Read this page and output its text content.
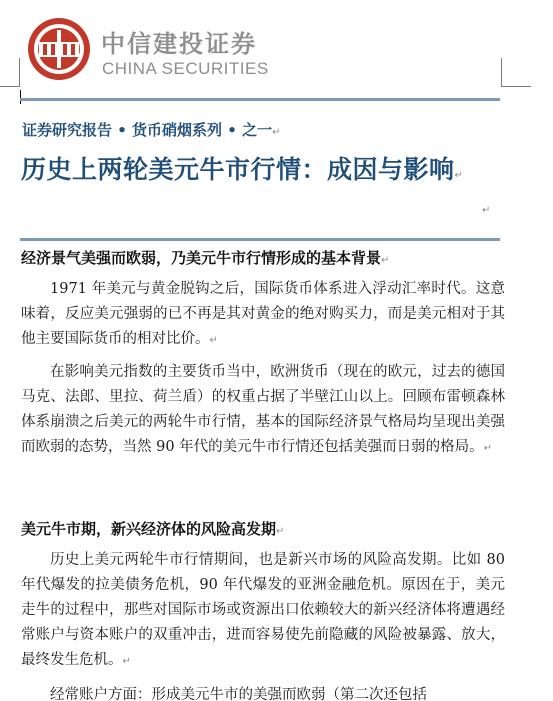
中信建投证券
CHINA SECURITIES
证券研究报告 • 货币硝烟系列 • 之一↵
历史上两轮美元牛市行情：成因与影响↵
↵
经济景气美强而欧弱，乃美元牛市行情形成的基本背景↵
1971 年美元与黄金脱钩之后，国际货币体系进入浮动汇率时代。这意味着，反应美元强弱的已不再是其对黄金的绝对购买力，而是美元相对于其他主要国际货币的相对比价。↵
在影响美元指数的主要货币当中，欧洲货币（现在的欧元，过去的德国马克、法郎、里拉、荷兰盾）的权重占据了半壁江山以上。回顾布雷顿森林体系崩溃之后美元的两轮牛市行情，基本的国际经济景气格局均呈现出美强而欧弱的态势，当然 90 年代的美元牛市行情还包括美强而日弱的格局。↵
美元牛市期，新兴经济体的风险高发期↵
历史上美元两轮牛市行情期间，也是新兴市场的风险高发期。比如 80 年代爆发的拉美债务危机，90 年代爆发的亚洲金融危机。原因在于，美元走牛的过程中，那些对国际市场或资源出口依赖较大的新兴经济体将遭遇经常账户与资本账户的双重冲击，进而容易使先前隐藏的风险被暴露、放大，最终发生危机。↵
经常账户方面：形成美元牛市的美强而欧弱（第二次还包括
